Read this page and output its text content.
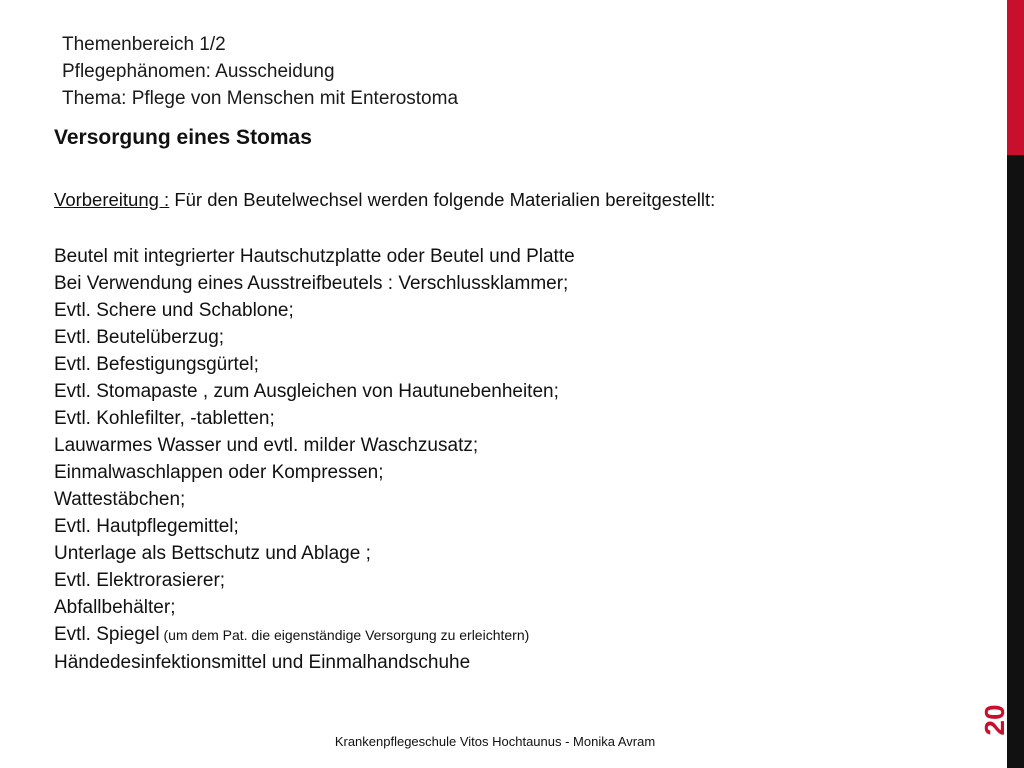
20
Themenbereich 1/2
Pflegephänomen: Ausscheidung
Thema: Pflege von Menschen mit Enterostoma
Versorgung eines Stomas
Vorbereitung : Für den Beutelwechsel werden folgende Materialien bereitgestellt:
Beutel mit integrierter Hautschutzplatte oder Beutel und Platte
Bei Verwendung eines Ausstreifbeutels : Verschlussklammer;
Evtl. Schere und Schablone;
Evtl. Beutelüberzug;
Evtl. Befestigungsgürtel;
Evtl. Stomapaste , zum Ausgleichen von Hautunebenheiten;
Evtl. Kohlefilter, -tabletten;
Lauwarmes Wasser und evtl. milder Waschzusatz;
Einmalwaschlappen oder Kompressen;
Wattestäbchen;
Evtl. Hautpflegemittel;
Unterlage als Bettschutz und Ablage ;
Evtl. Elektrorasierer;
Abfallbehälter;
Evtl. Spiegel (um dem Pat. die eigenständige Versorgung zu erleichtern)
Händedesinfektionsmittel und Einmalhandschuhe
Krankenpflegeschule Vitos Hochtaunus - Monika Avram
